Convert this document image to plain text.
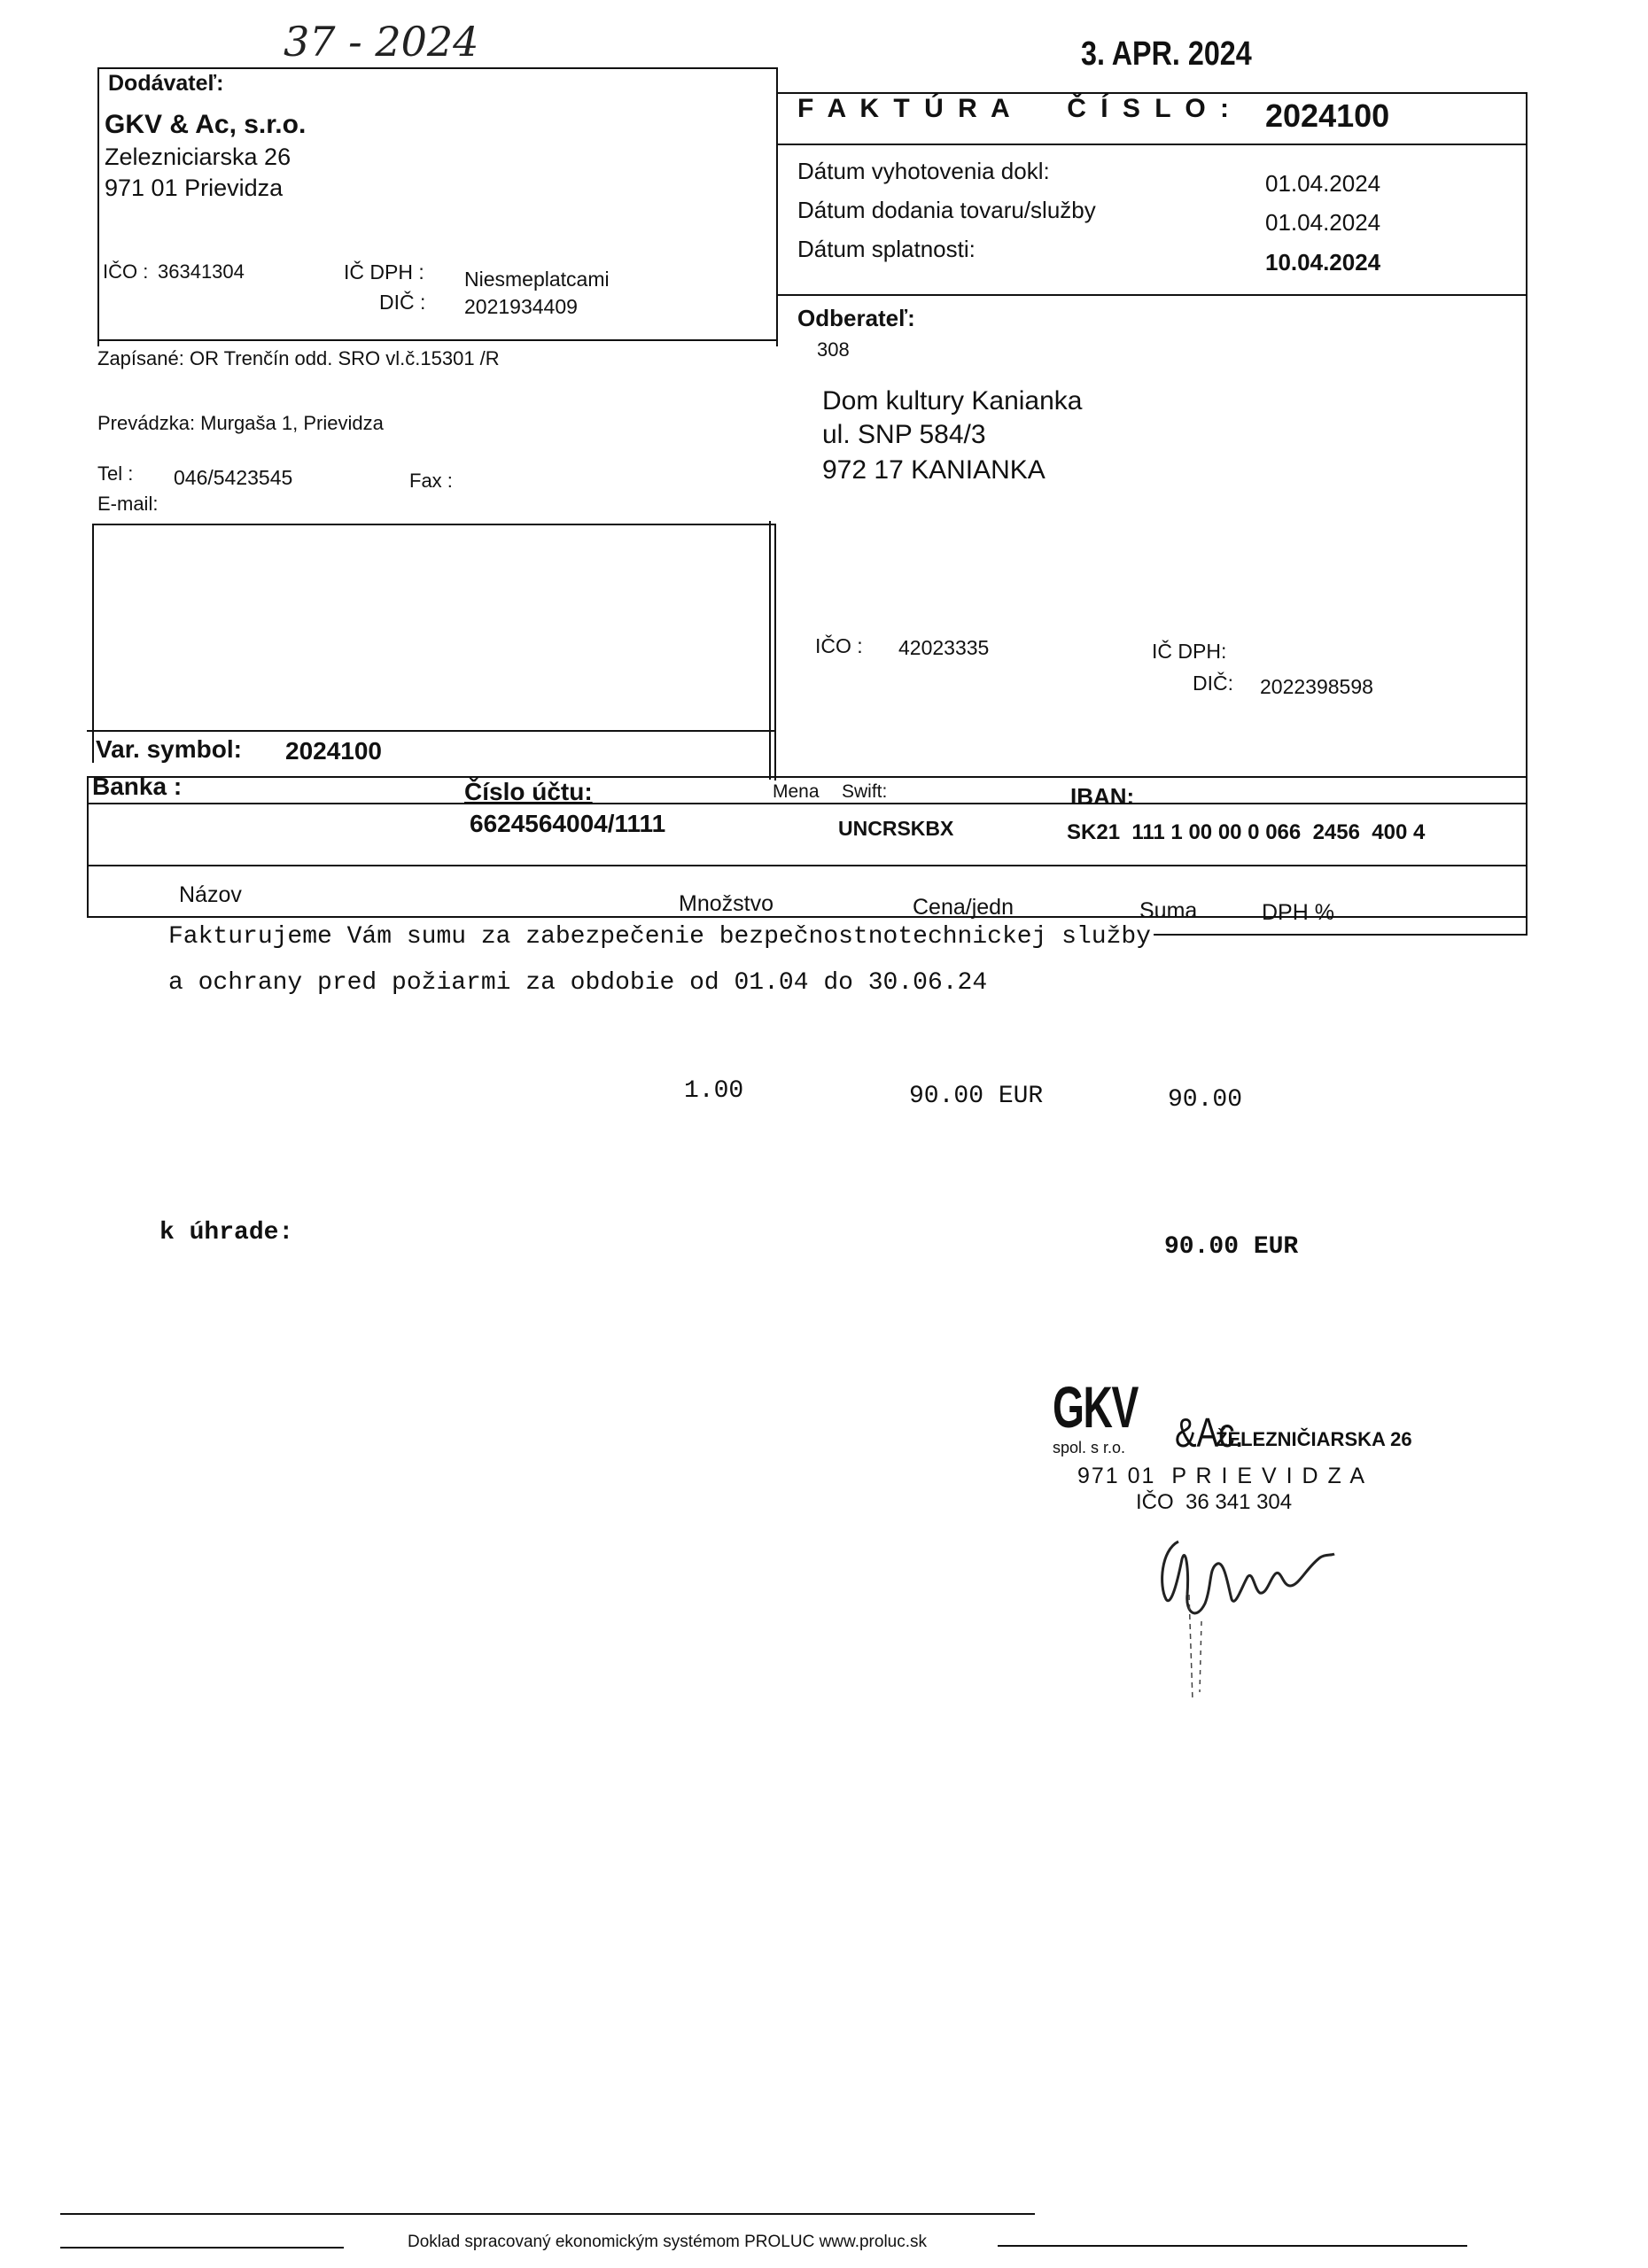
37 - 2024	3. APR. 2024
Dodávateľ:
GKV & Ac, s.r.o.
Zelezniciarska 26
971 01 Prievidza
IČO : 36341304	IČ DPH : Niesmeplatcami
DIČ : 2021934409
Zapísané: OR Trenčín odd. SRO vl.č.15301 /R
Prevádzka: Murgaša 1, Prievidza
Tel : 046/5423545	Fax :
E-mail:
F A K T Ú R A     Č Í S L O : 2024100
Dátum vyhotovenia dokl:	01.04.2024
Dátum dodania tovaru/služby	01.04.2024
Dátum splatnosti:	10.04.2024
Odberateľ:
308
Dom kultury Kanianka
ul. SNP 584/3
972 17 KANIANKA
IČO : 42023335	IČ DPH:
DIČ: 2022398598
Var. symbol: 2024100
Banka :	Číslo účtu:
6624564004/1111
Mena Swift:
UNCRSKBX
IBAN:
SK21  111 1 00 00 0 066  2456  400 4
Názov	Množstvo	Cena/jedn	Suma	DPH %
Fakturujeme Vám sumu za zabezpečenie bezpečnostnotechnickej služby
a ochrany pred požiarmi za obdobie od 01.04 do 30.06.24
1.00	90.00 EUR	90.00
k úhrade:
90.00 EUR
GKV &Ac.
spol. s r.o.	ŽELEZNIČIARSKA 26
971 01  P R I E V I D Z A
IČO  36 341 304
Doklad spracovaný ekonomickým systémom PROLUC www.proluc.sk
